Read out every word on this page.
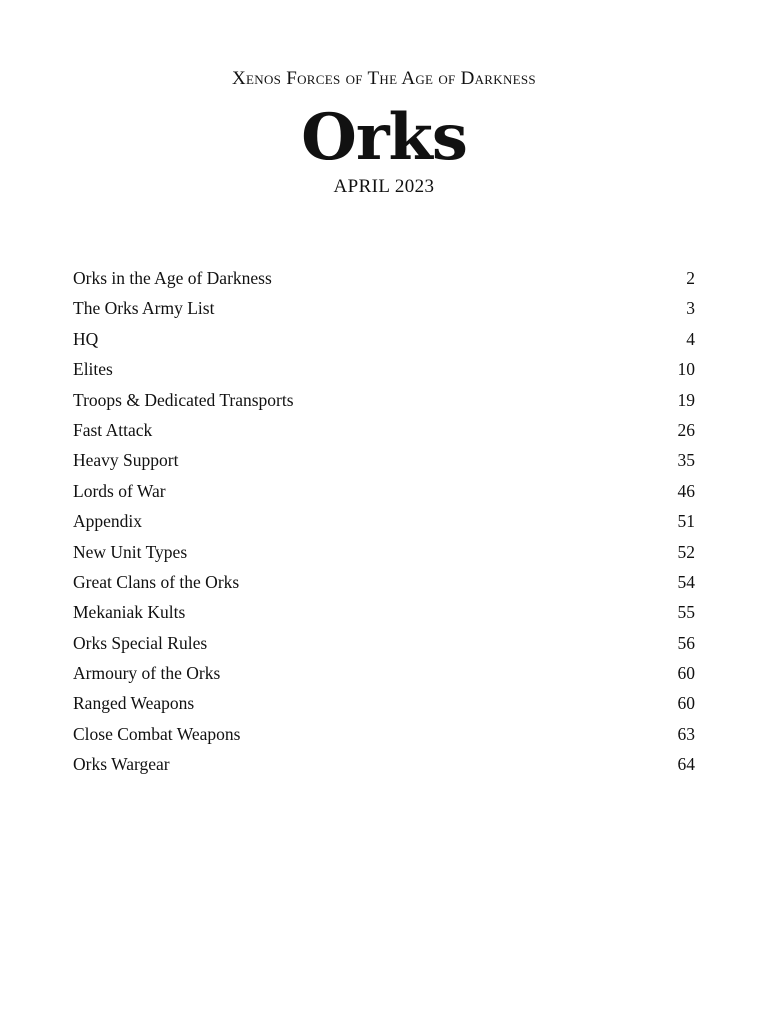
Xenos Forces of The Age of Darkness
Orks
APRIL 2023
Orks in the Age of Darkness	2
The Orks Army List	3
HQ	4
Elites	10
Troops & Dedicated Transports	19
Fast Attack	26
Heavy Support	35
Lords of War	46
Appendix	51
New Unit Types	52
Great Clans of the Orks	54
Mekaniak Kults	55
Orks Special Rules	56
Armoury of the Orks	60
Ranged Weapons	60
Close Combat Weapons	63
Orks Wargear	64
